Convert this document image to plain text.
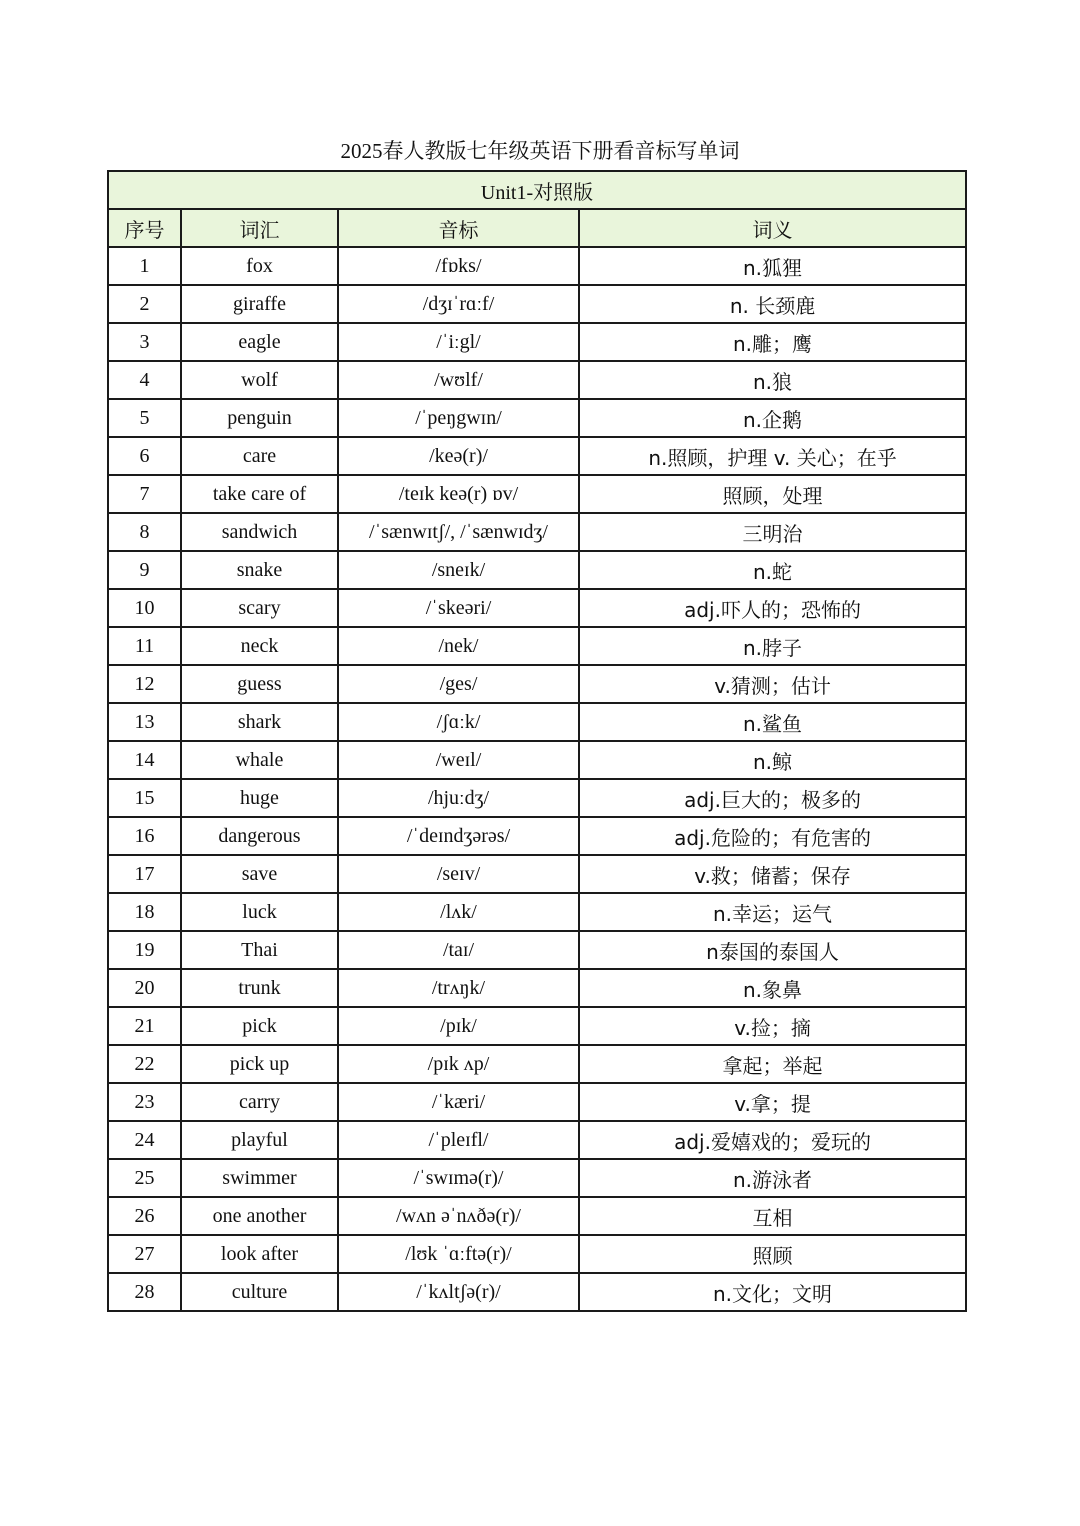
2025春人教版七年级英语下册看音标写单词
Unit1-对照版			
序号	词汇	音标	词义
1	fox	/fɒks/	n.狐狸
2	giraffe	/dʒɪˈrɑːf/	n. 长颈鹿
3	eagle	/ˈiːgl/	n.雕；鹰
4	wolf	/wʊlf/	n.狼
5	penguin	/ˈpeŋgwɪn/	n.企鹅
6	care	/keə(r)/	n.照顾，护理 v. 关心；在乎
7	take care of	/teɪk keə(r) ɒv/	照顾，处理
8	sandwich	/ˈsænwɪtʃ/, /ˈsænwɪdʒ/	三明治
9	snake	/sneɪk/	n.蛇
10	scary	/ˈskeəri/	adj.吓人的；恐怖的
11	neck	/nek/	n.脖子
12	guess	/ges/	v.猜测；估计
13	shark	/ʃɑːk/	n.鲨鱼
14	whale	/weɪl/	n.鲸
15	huge	/hjuːdʒ/	adj.巨大的；极多的
16	dangerous	/ˈdeɪndʒərəs/	adj.危险的；有危害的
17	save	/seɪv/	v.救；储蓄；保存
18	luck	/lʌk/	n.幸运；运气
19	Thai	/taɪ/	n泰国的泰国人
20	trunk	/trʌŋk/	n.象鼻
21	pick	/pɪk/	v.捡；摘
22	pick up	/pɪk ʌp/	拿起；举起
23	carry	/ˈkæri/	v.拿；提
24	playful	/ˈpleɪfl/	adj.爱嬉戏的；爱玩的
25	swimmer	/ˈswɪmə(r)/	n.游泳者
26	one another	/wʌn əˈnʌðə(r)/	互相
27	look after	/lʊk ˈɑːftə(r)/	照顾
28	culture	/ˈkʌltʃə(r)/	n.文化；文明
